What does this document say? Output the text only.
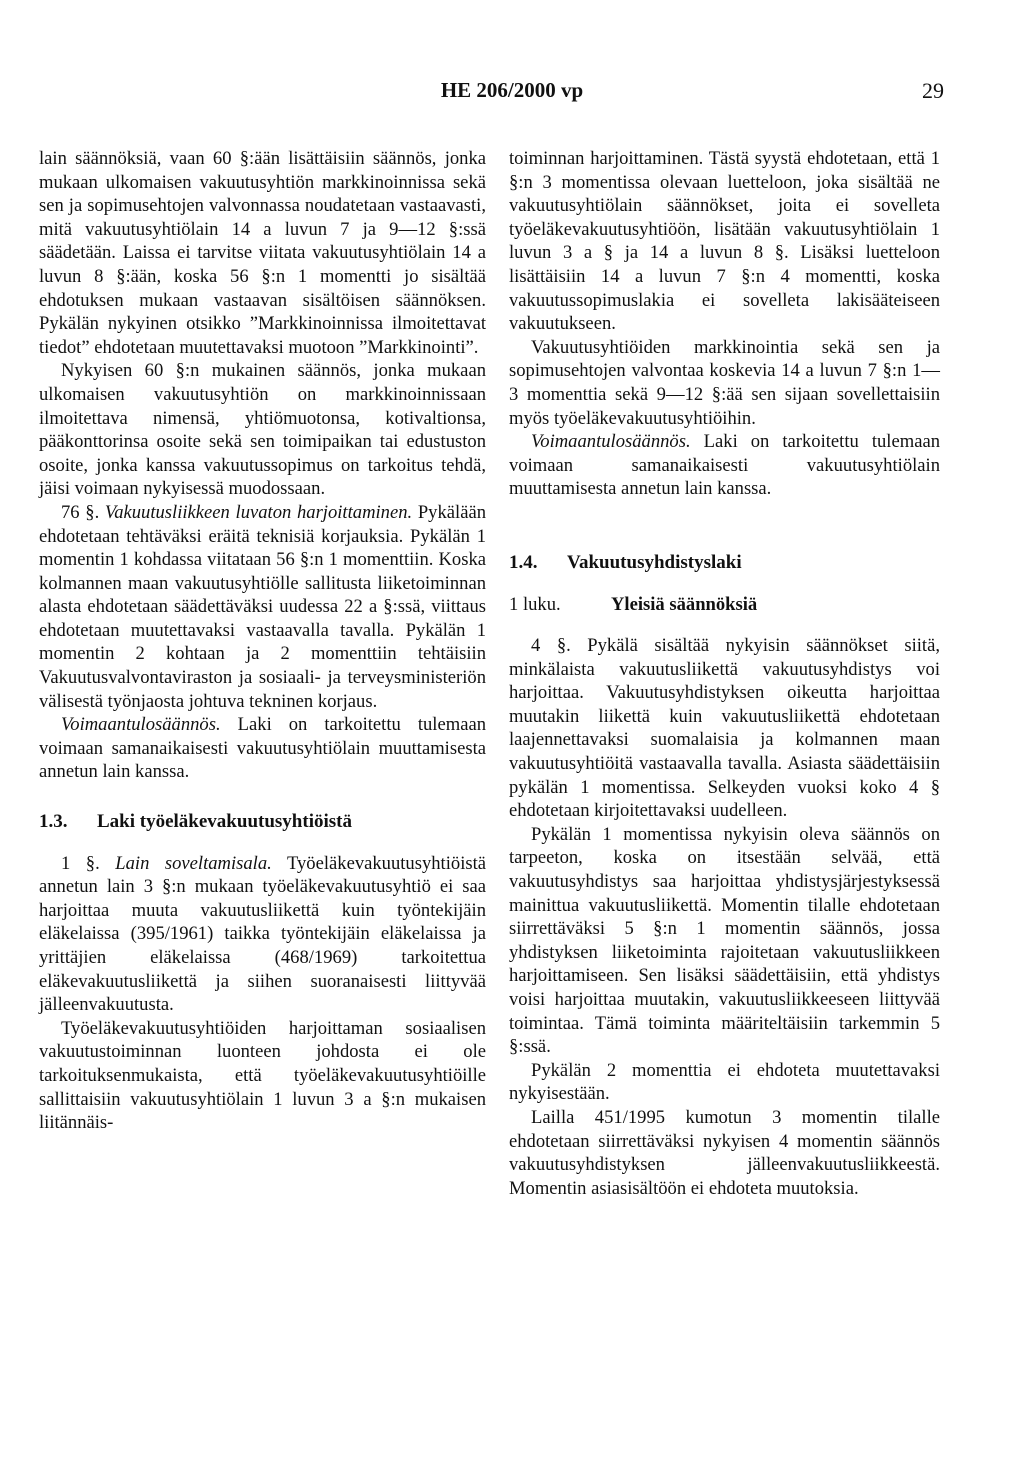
HE 206/2000 vp	29

lain säännöksiä, vaan 60 §:ään lisättäisiin säännös, jonka mukaan ulkomaisen vakuutusyhtiön markkinoinnissa sekä sen ja sopimusehtojen valvonnassa noudatetaan vastaavasti, mitä vakuutusyhtiölain 14 a luvun 7 ja 9—12 §:ssä säädetään. Laissa ei tarvitse viitata vakuutusyhtiölain 14 a luvun 8 §:ään, koska 56 §:n 1 momentti jo sisältää ehdotuksen mukaan vastaavan sisältöisen säännöksen. Pykälän nykyinen otsikko ”Markkinoinnissa ilmoitettavat tiedot” ehdotetaan muutettavaksi muotoon ”Markkinointi”.

Nykyisen 60 §:n mukainen säännös, jonka mukaan ulkomaisen vakuutusyhtiön on markkinoinnissaan ilmoitettava nimensä, yhtiömuotonsa, kotivaltionsa, pääkonttorinsa osoite sekä sen toimipaikan tai edustuston osoite, jonka kanssa vakuutussopimus on tarkoitus tehdä, jäisi voimaan nykyisessä muodossaan.

76 §. Vakuutusliikkeen luvaton harjoittaminen. Pykälään ehdotetaan tehtäväksi eräitä teknisiä korjauksia. Pykälän 1 momentin 1 kohdassa viitataan 56 §:n 1 momenttiin. Koska kolmannen maan vakuutusyhtiölle sallitusta liiketoiminnan alasta ehdotetaan säädettäväksi uudessa 22 a §:ssä, viittaus ehdotetaan muutettavaksi vastaavalla tavalla. Pykälän 1 momentin 2 kohtaan ja 2 momenttiin tehtäisiin Vakuutusvalvontaviraston ja sosiaali- ja terveysministeriön välisestä työnjaosta johtuva tekninen korjaus.

Voimaantulosäännös. Laki on tarkoitettu tulemaan voimaan samanaikaisesti vakuutusyhtiölain muuttamisesta annetun lain kanssa.

1.3. Laki työeläkevakuutusyhtiöistä

1 §. Lain soveltamisala. Työeläkevakuutusyhtiöistä annetun lain 3 §:n mukaan työeläkevakuutusyhtiö ei saa harjoittaa muuta vakuutusliikettä kuin työntekijäin eläkelaissa (395/1961) taikka työntekijäin eläkelaissa ja yrittäjien eläkelaissa (468/1969) tarkoitettua eläkevakuutusliikettä ja siihen suoranaisesti liittyvää jälleenvakuutusta.

Työeläkevakuutusyhtiöiden harjoittaman sosiaalisen vakuutustoiminnan luonteen johdosta ei ole tarkoituksenmukaista, että työeläkevakuutusyhtiöille sallittaisiin vakuutusyhtiölain 1 luvun 3 a §:n mukaisen liitännäis-

toiminnan harjoittaminen. Tästä syystä ehdotetaan, että 1 §:n 3 momentissa olevaan luetteloon, joka sisältää ne vakuutusyhtiölain säännökset, joita ei sovelleta työeläkevakuutusyhtiöön, lisätään vakuutusyhtiölain 1 luvun 3 a § ja 14 a luvun 8 §. Lisäksi luetteloon lisättäisiin 14 a luvun 7 §:n 4 momentti, koska vakuutussopimuslakia ei sovelleta lakisääteiseen vakuutukseen.

Vakuutusyhtiöiden markkinointia sekä sen ja sopimusehtojen valvontaa koskevia 14 a luvun 7 §:n 1—3 momenttia sekä 9—12 §:ää sen sijaan sovellettaisiin myös työeläkevakuutusyhtiöihin.

Voimaantulosäännös. Laki on tarkoitettu tulemaan voimaan samanaikaisesti vakuutusyhtiölain muuttamisesta annetun lain kanssa.

1.4. Vakuutusyhdistyslaki

1 luku.	Yleisiä säännöksiä

4 §. Pykälä sisältää nykyisin säännökset siitä, minkälaista vakuutusliikettä vakuutusyhdistys voi harjoittaa. Vakuutusyhdistyksen oikeutta harjoittaa muutakin liikettä kuin vakuutusliikettä ehdotetaan laajennettavaksi suomalaisia ja kolmannen maan vakuutusyhtiöitä vastaavalla tavalla. Asiasta säädettäisiin pykälän 1 momentissa. Selkeyden vuoksi koko 4 § ehdotetaan kirjoitettavaksi uudelleen.

Pykälän 1 momentissa nykyisin oleva säännös on tarpeeton, koska on itsestään selvää, että vakuutusyhdistys saa harjoittaa yhdistysjärjestyksessä mainittua vakuutusliikettä. Momentin tilalle ehdotetaan siirrettäväksi 5 §:n 1 momentin säännös, jossa yhdistyksen liiketoiminta rajoitetaan vakuutusliikkeen harjoittamiseen. Sen lisäksi säädettäisiin, että yhdistys voisi harjoittaa muutakin, vakuutusliikkeeseen liittyvää toimintaa. Tämä toiminta määriteltäisiin tarkemmin 5 §:ssä.

Pykälän 2 momenttia ei ehdoteta muutettavaksi nykyisestään.

Lailla 451/1995 kumotun 3 momentin tilalle ehdotetaan siirrettäväksi nykyisen 4 momentin säännös vakuutusyhdistyksen jälleenvakuutusliikkeestä. Momentin asiasisältöön ei ehdoteta muutoksia.
